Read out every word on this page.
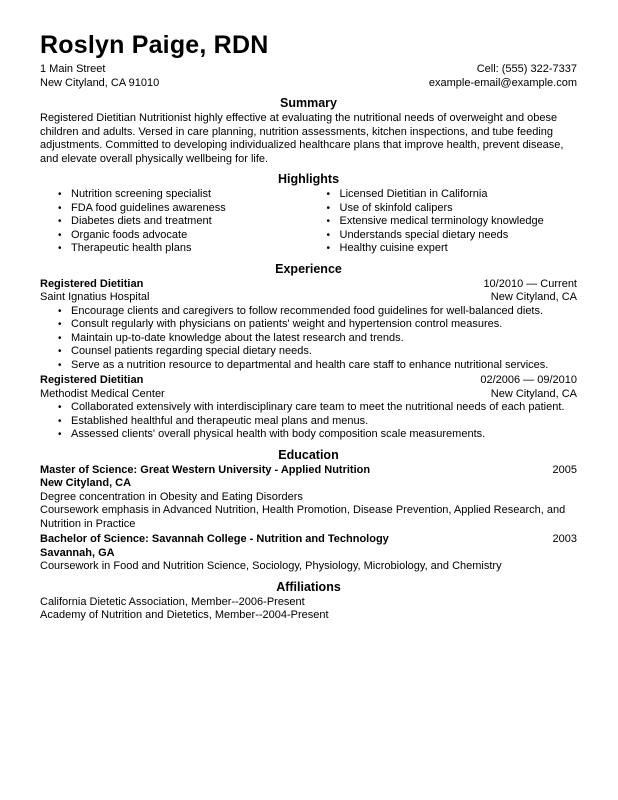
Roslyn Paige, RDN
1 Main Street	Cell: (555) 322-7337
New Cityland, CA 91010	example-email@example.com
Summary
Registered Dietitian Nutritionist highly effective at evaluating the nutritional needs of overweight and obese children and adults. Versed in care planning, nutrition assessments, kitchen inspections, and tube feeding adjustments. Committed to developing individualized healthcare plans that improve health, prevent disease, and elevate overall physically wellbeing for life.
Highlights
• Nutrition screening specialist
• FDA food guidelines awareness
• Diabetes diets and treatment
• Organic foods advocate
• Therapeutic health plans
• Licensed Dietitian in California
• Use of skinfold calipers
• Extensive medical terminology knowledge
• Understands special dietary needs
• Healthy cuisine expert
Experience
Registered Dietitian	10/2010 — Current
Saint Ignatius Hospital	New Cityland, CA
• Encourage clients and caregivers to follow recommended food guidelines for well-balanced diets.
• Consult regularly with physicians on patients' weight and hypertension control measures.
• Maintain up-to-date knowledge about the latest research and trends.
• Counsel patients regarding special dietary needs.
• Serve as a nutrition resource to departmental and health care staff to enhance nutritional services.
Registered Dietitian	02/2006 — 09/2010
Methodist Medical Center	New Cityland, CA
• Collaborated extensively with interdisciplinary care team to meet the nutritional needs of each patient.
• Established healthful and therapeutic meal plans and menus.
• Assessed clients' overall physical health with body composition scale measurements.
Education
Master of Science: Great Western University - Applied Nutrition	2005
New Cityland, CA
Degree concentration in Obesity and Eating Disorders
Coursework emphasis in Advanced Nutrition, Health Promotion, Disease Prevention, Applied Research, and Nutrition in Practice
Bachelor of Science: Savannah College - Nutrition and Technology	2003
Savannah, GA
Coursework in Food and Nutrition Science, Sociology, Physiology, Microbiology, and Chemistry
Affiliations
California Dietetic Association, Member--2006-Present
Academy of Nutrition and Dietetics, Member--2004-Present
